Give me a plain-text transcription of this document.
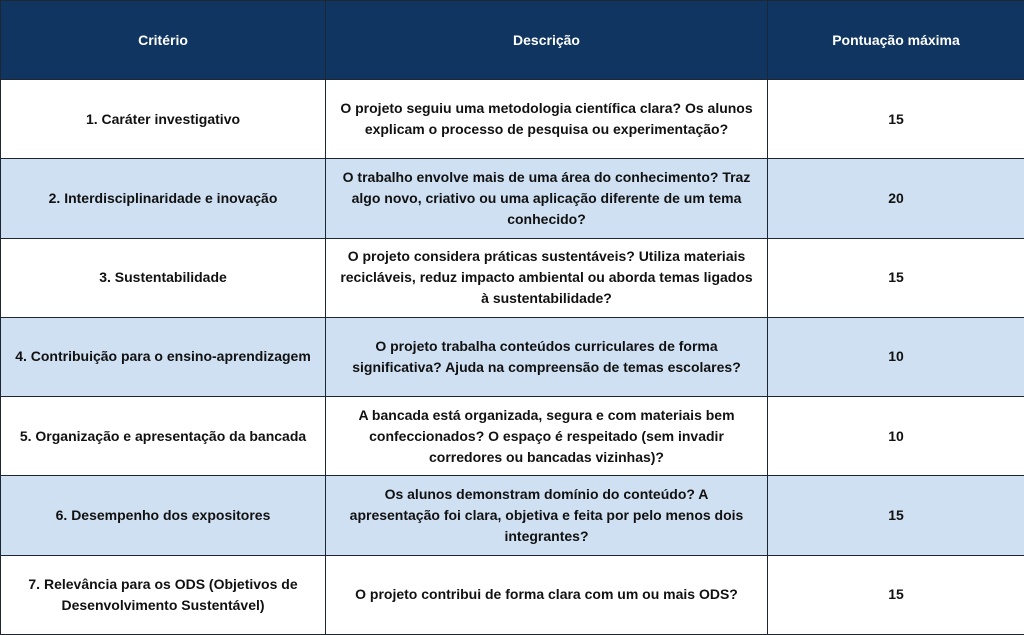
Critério	Descrição	Pontuação máxima
1. Caráter investigativo	O projeto seguiu uma metodologia científica clara? Os alunos explicam o processo de pesquisa ou experimentação?	15
2. Interdisciplinaridade e inovação	O trabalho envolve mais de uma área do conhecimento? Traz algo novo, criativo ou uma aplicação diferente de um tema conhecido?	20
3. Sustentabilidade	O projeto considera práticas sustentáveis? Utiliza materiais recicláveis, reduz impacto ambiental ou aborda temas ligados à sustentabilidade?	15
4. Contribuição para o ensino-aprendizagem	O projeto trabalha conteúdos curriculares de forma significativa? Ajuda na compreensão de temas escolares?	10
5. Organização e apresentação da bancada	A bancada está organizada, segura e com materiais bem confeccionados? O espaço é respeitado (sem invadir corredores ou bancadas vizinhas)?	10
6. Desempenho dos expositores	Os alunos demonstram domínio do conteúdo? A apresentação foi clara, objetiva e feita por pelo menos dois integrantes?	15
7. Relevância para os ODS (Objetivos de Desenvolvimento Sustentável)	O projeto contribui de forma clara com um ou mais ODS?	15
